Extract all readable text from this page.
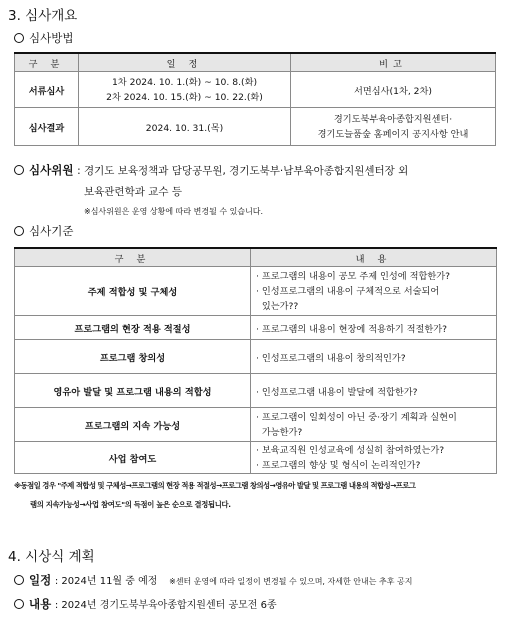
3. 심사개요
심사방법
구 분	일 정	비고
서류심사	1차 2024. 10. 1.(화) ~ 10. 8.(화)
2차 2024. 10. 15.(화) ~ 10. 22.(화)	서면심사(1차, 2차)
심사결과	2024. 10. 31.(목)	경기도북부육아종합지원센터·
경기도늘품숲 홈페이지 공지사항 안내
심사위원 : 경기도 보육정책과 담당공무원, 경기도북부·남부육아종합지원센터장 외
보육관련학과 교수 등
※심사위원은 운영 상황에 따라 변경될 수 있습니다.
심사기준
구 분	내 용
주제 적합성 및 구체성	· 프로그램의 내용이 공모 주제 인성에 적합한가?
· 인성프로그램의 내용이 구체적으로 서술되어
있는가??

프로그램의 현장 적용 적절성	· 프로그램의 내용이 현장에 적용하기 적절한가?
프로그램 창의성	· 인성프로그램의 내용이 창의적인가?
영유아 발달 및 프로그램 내용의 적합성	· 인성프로그램 내용이 발달에 적합한가?
프로그램의 지속 가능성	· 프로그램이 일회성이 아닌 중·장기 계획과 실현이
가능한가?

사업 참여도	· 보육교직원 인성교육에 성실히 참여하였는가?
· 프로그램의 향상 및 형식이 논리적인가?
※동점일 경우 "주제 적합성 및 구체성→프로그램의 현장 적용 적절성→프로그램 창의성→영유아 발달 및 프로그램 내용의 적합성→프로그
램의 지속가능성→사업 참여도"의 득점이 높은 순으로 결정됩니다.
4. 시상식 계획
일정 : 2024년 11월 중 예정 ※센터 운영에 따라 일정이 변경될 수 있으며, 자세한 안내는 추후 공지
내용 : 2024년 경기도북부육아종합지원센터 공모전 6종
